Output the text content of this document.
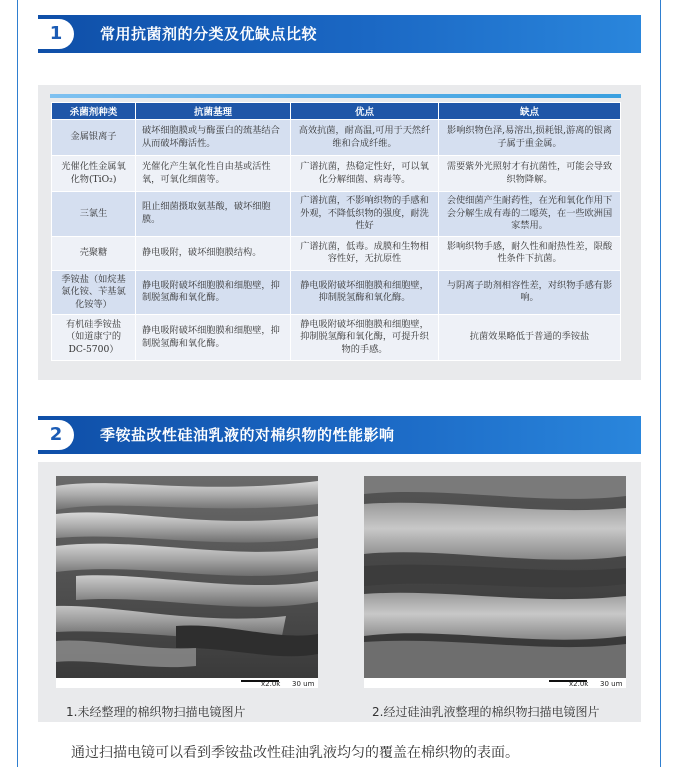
1	常用抗菌剂的分类及优缺点比较
杀菌剂种类	抗菌基理	优点	缺点
金属银离子	破坏细胞膜或与酶蛋白的巯基结合从而破坏酶活性。	高效抗菌，耐高温,可用于天然纤维和合成纤维。	影响织物色泽,易溶出,损耗银,游离的银离子属于重金属。
光催化性金属氧化物(TiO₂)	光催化产生氧化性自由基或活性氧，可氧化细菌等。	广谱抗菌，热稳定性好，可以氧化分解细菌、病毒等。	需要紫外光照射才有抗菌性，可能会导致织物降解。
三氯生	阻止细菌摄取氨基酸，破坏细胞膜。	广谱抗菌，不影响织物的手感和外观，不降低织物的强度，耐洗性好	会使细菌产生耐药性，在光和氧化作用下会分解生成有毒的二噁英，在一些欧洲国家禁用。
壳聚糖	静电吸附，破坏细胞膜结构。	广谱抗菌，低毒。成膜和生物相容性好，无抗原性	影响织物手感，耐久性和耐热性差，限酸性条件下抗菌。
季铵盐（如烷基氯化铵、苄基氯化铵等）	静电吸附破坏细胞膜和细胞壁，抑制脱氢酶和氧化酶。	静电吸附破坏细胞膜和细胞壁，抑制脱氢酶和氧化酶。	与阴离子助剂相容性差，对织物手感有影响。
有机硅季铵盐（如道康宁的DC-5700）	静电吸附破坏细胞膜和细胞壁，抑制脱氢酶和氧化酶。	静电吸附破坏细胞膜和细胞壁，抑制脱氢酶和氧化酶，可提升织物的手感。	抗菌效果略低于普通的季铵盐
2	季铵盐改性硅油乳液的对棉织物的性能影响
x2.0k 30 um	x2.0k 30 um
1.未经整理的棉织物扫描电镜图片	2.经过硅油乳液整理的棉织物扫描电镜图片
通过扫描电镜可以看到季铵盐改性硅油乳液均匀的覆盖在棉织物的表面。
